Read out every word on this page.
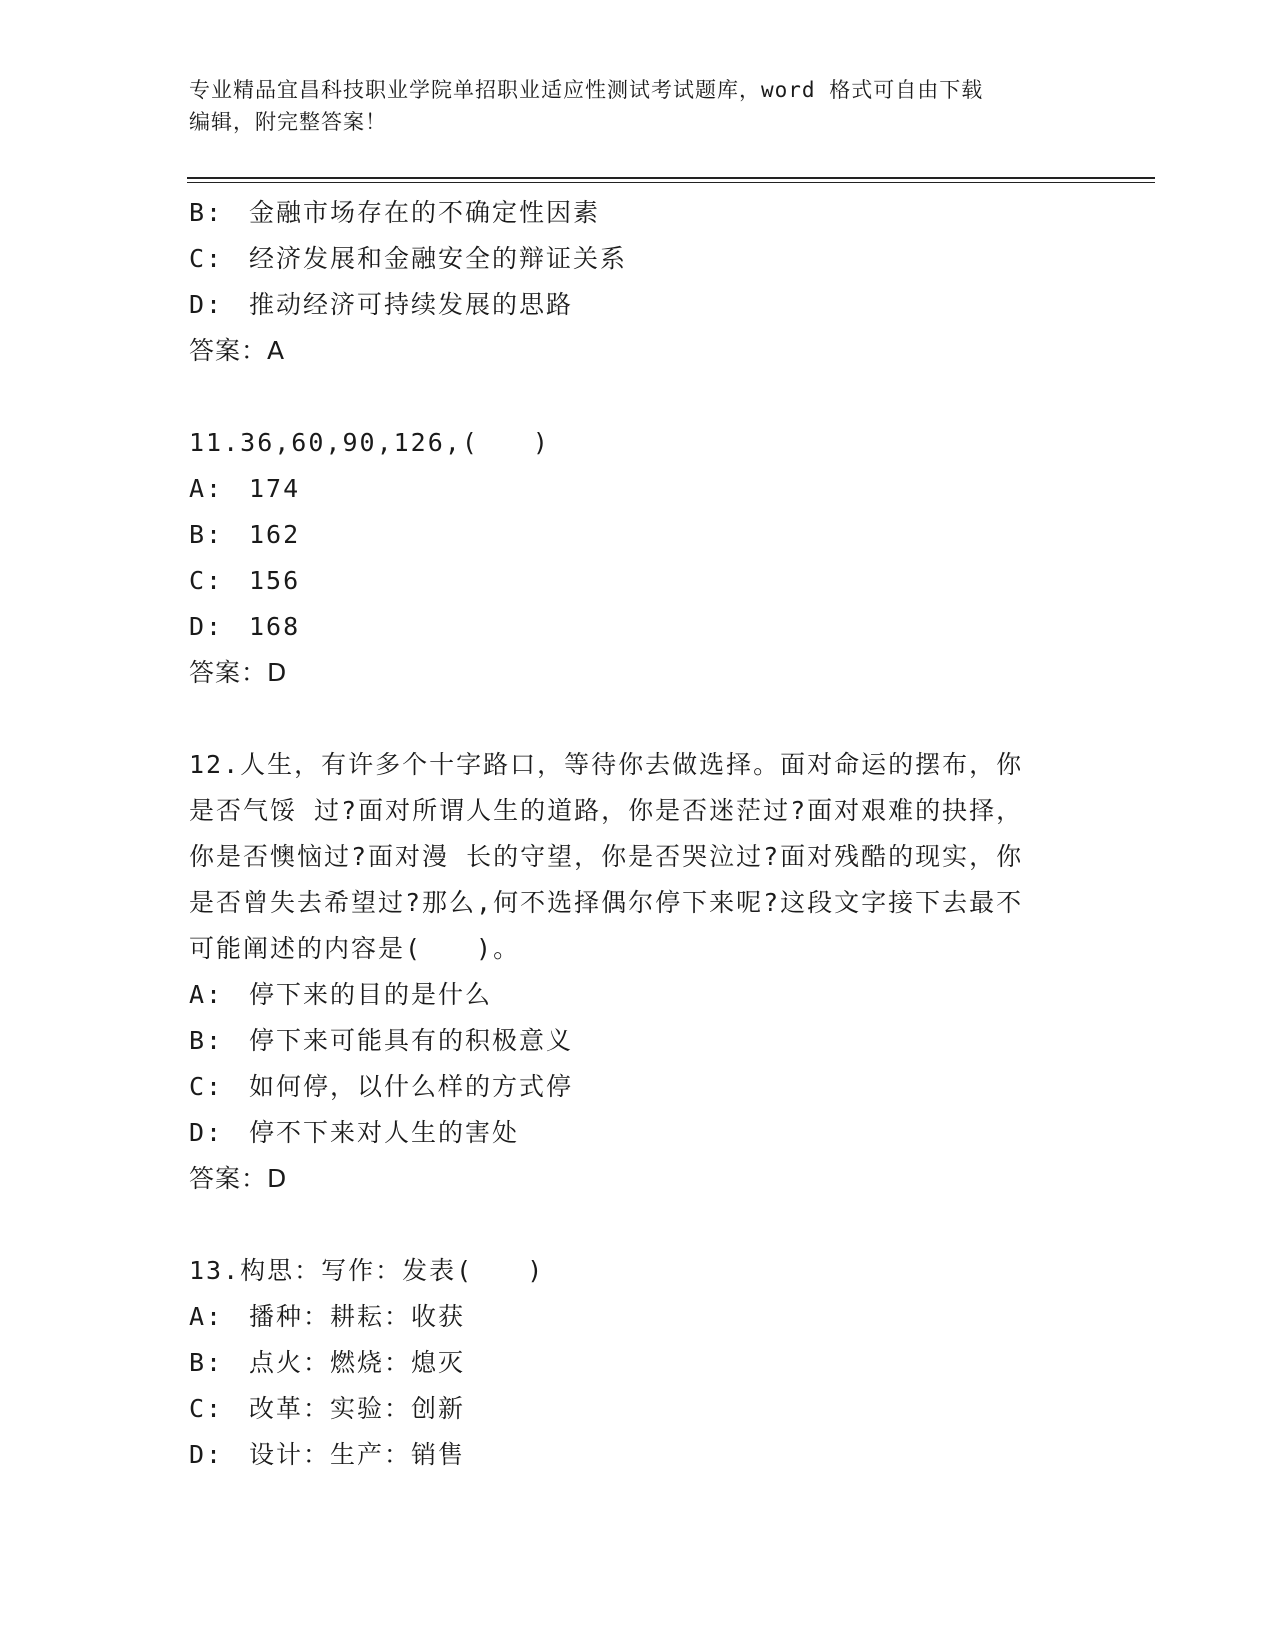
专业精品宜昌科技职业学院单招职业适应性测试考试题库，word 格式可自由下载
编辑，附完整答案！
B: 金融市场存在的不确定性因素
C: 经济发展和金融安全的辩证关系
D: 推动经济可持续发展的思路
答案：A
11.36,60,90,126,(　　)
A: 174
B: 162
C: 156
D: 168
答案：D
12.人生，有许多个十字路口，等待你去做选择。面对命运的摆布，你
是否气馁 过?面对所谓人生的道路，你是否迷茫过?面对艰难的抉择，
你是否懊恼过?面对漫 长的守望，你是否哭泣过?面对残酷的现实，你
是否曾失去希望过?那么,何不选择偶尔停下来呢?这段文字接下去最不
可能阐述的内容是(　　)。
A: 停下来的目的是什么
B: 停下来可能具有的积极意义
C: 如何停，以什么样的方式停
D: 停不下来对人生的害处
答案：D
13.构思：写作：发表(　　)
A: 播种：耕耘：收获
B: 点火：燃烧：熄灭
C: 改革：实验：创新
D: 设计：生产：销售
